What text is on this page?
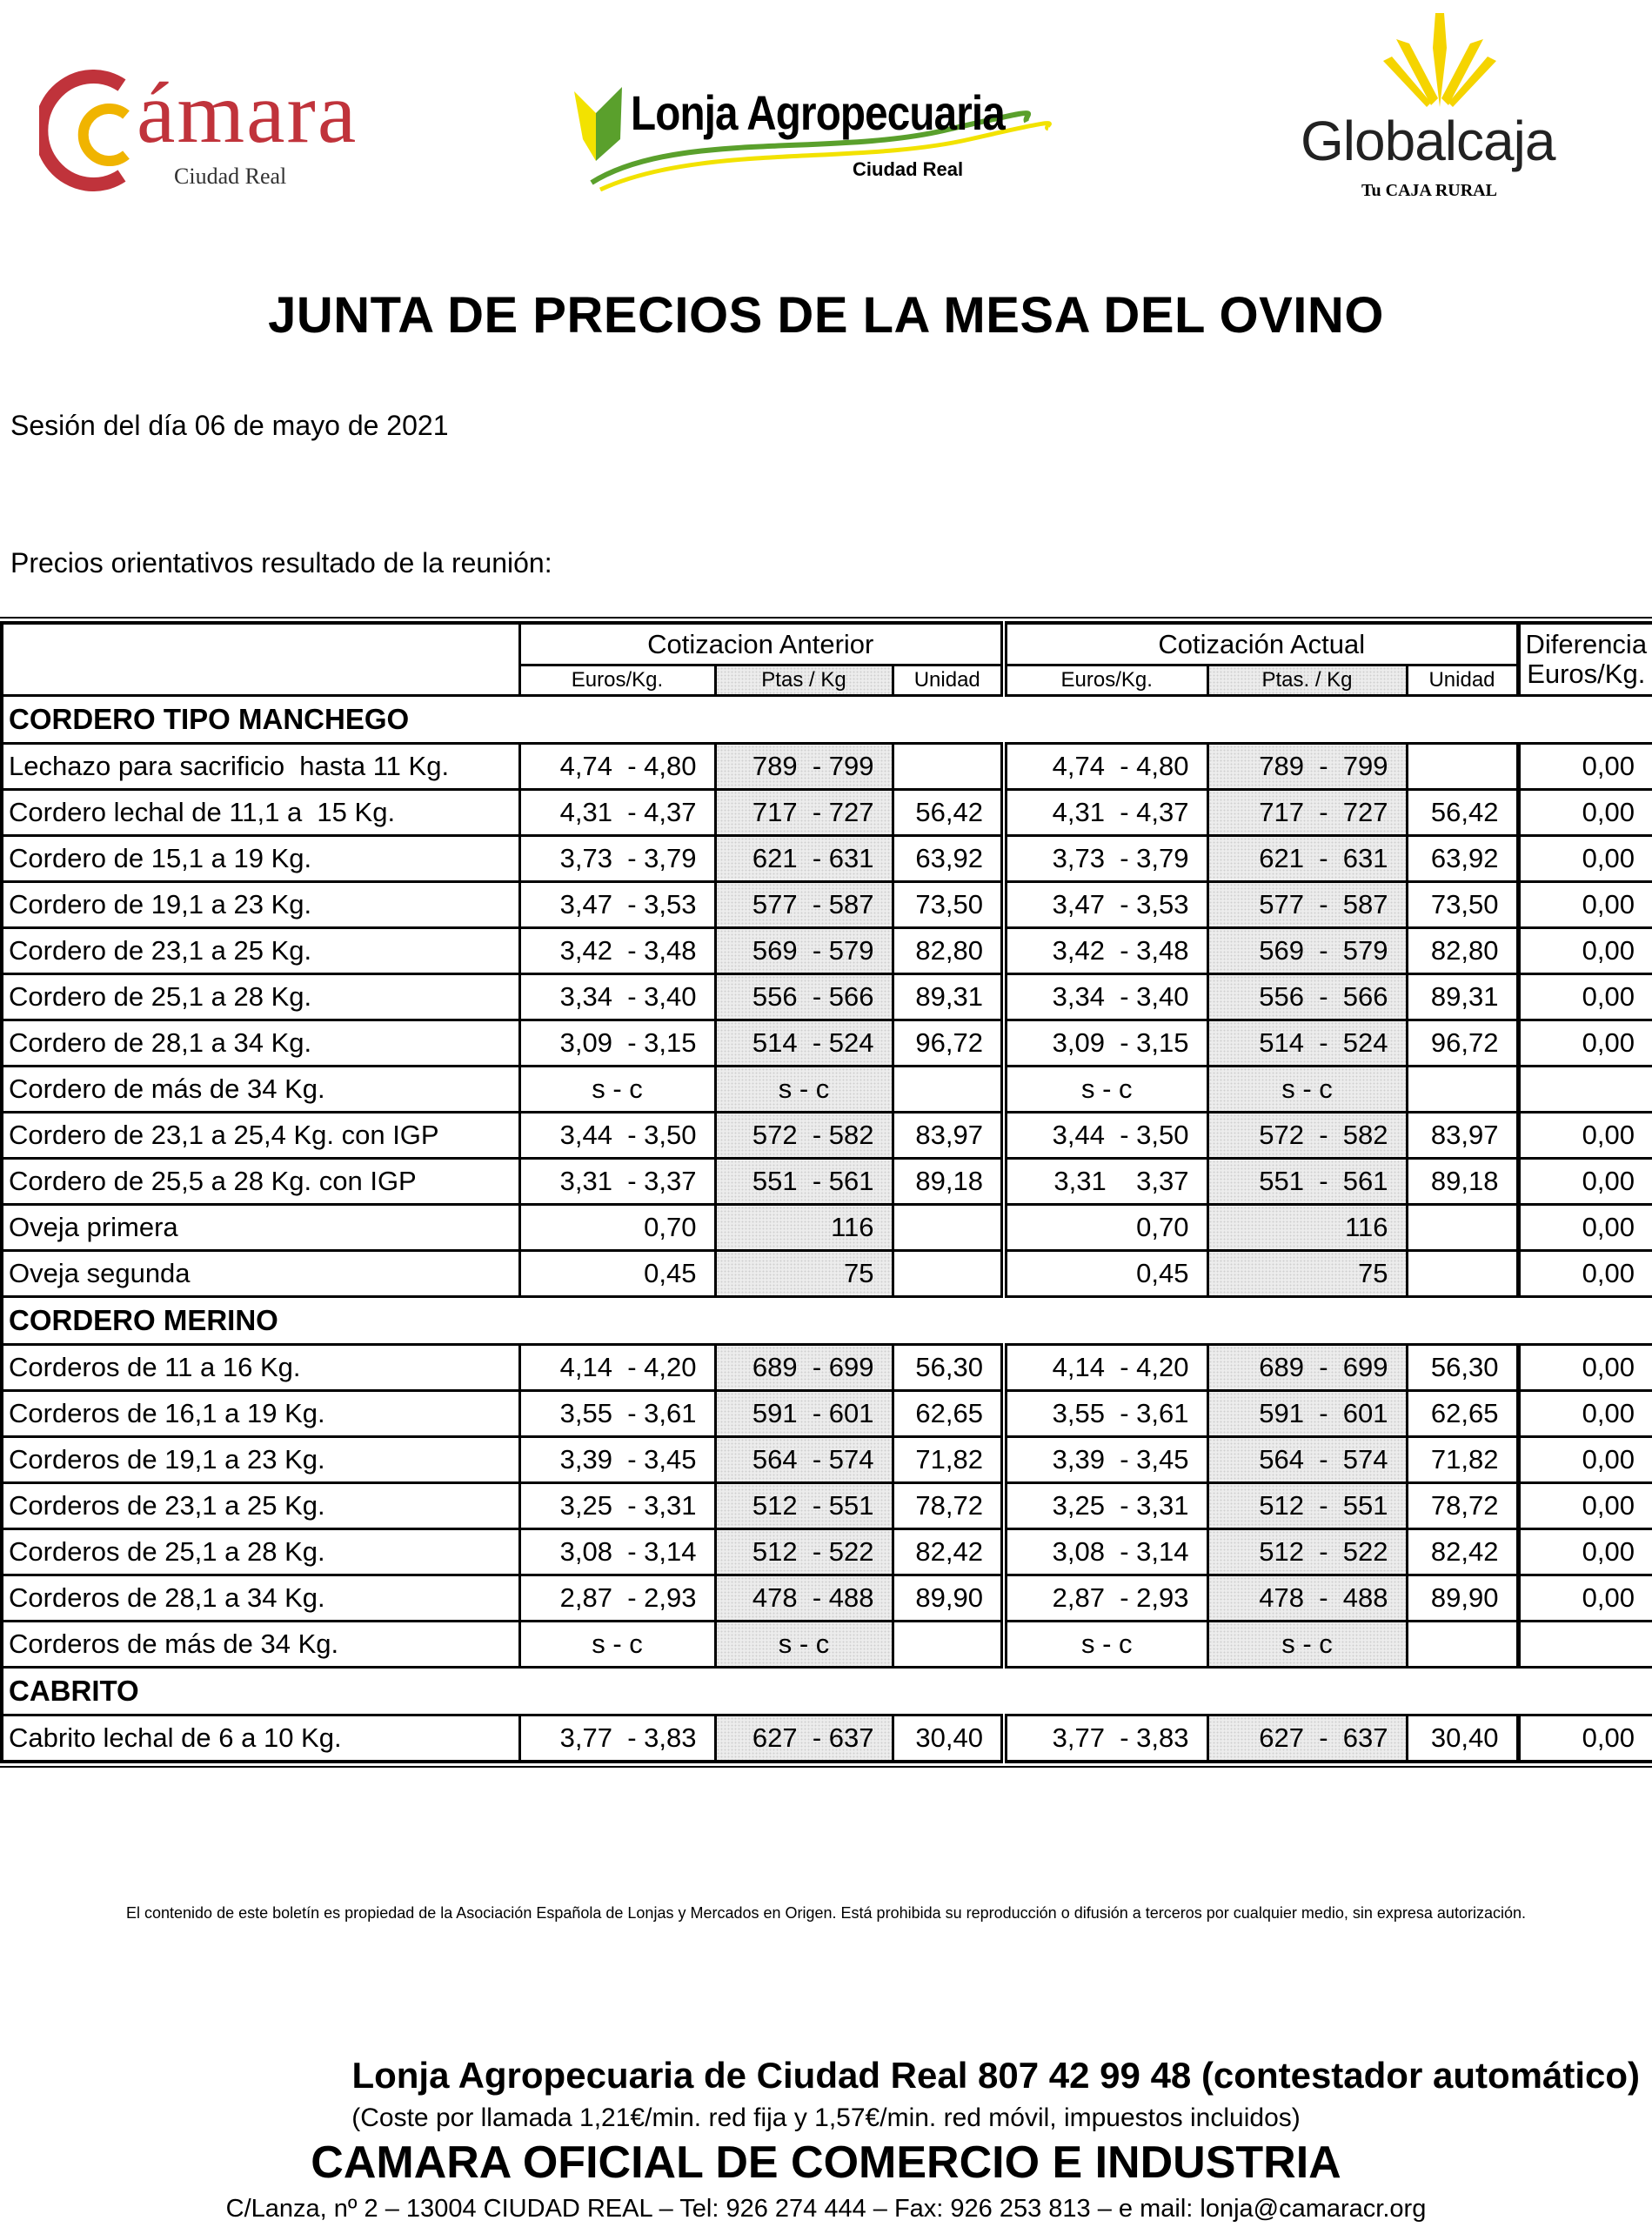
ámara
Ciudad Real
Lonja Agropecuaria
Ciudad Real	Globalcaja
Tu CAJA RURAL
JUNTA DE PRECIOS DE LA MESA DEL OVINO
Sesión del día 06 de mayo de 2021
Precios orientativos resultado de la reunión:
	Cotizacion Anterior			Cotización Actual			Diferencia
Euros/Kg.

	Euros/Kg.	Ptas / Kg	Unidad	Euros/Kg.	Ptas. / Kg	Unidad	
CORDERO TIPO MANCHEGO							
Lechazo para sacrificio  hasta 11 Kg.	4,74  - 4,80	789  - 799		4,74  - 4,80	789  -  799		0,00
Cordero lechal de 11,1 a  15 Kg.	4,31  - 4,37	717  - 727	56,42	4,31  - 4,37	717  -  727	56,42	0,00
Cordero de 15,1 a 19 Kg.	3,73  - 3,79	621  - 631	63,92	3,73  - 3,79	621  -  631	63,92	0,00
Cordero de 19,1 a 23 Kg.	3,47  - 3,53	577  - 587	73,50	3,47  - 3,53	577  -  587	73,50	0,00
Cordero de 23,1 a 25 Kg.	3,42  - 3,48	569  - 579	82,80	3,42  - 3,48	569  -  579	82,80	0,00
Cordero de 25,1 a 28 Kg.	3,34  - 3,40	556  - 566	89,31	3,34  - 3,40	556  -  566	89,31	0,00
Cordero de 28,1 a 34 Kg.	3,09  - 3,15	514  - 524	96,72	3,09  - 3,15	514  -  524	96,72	0,00
Cordero de más de 34 Kg.	s - c	s - c		s - c	s - c		
Cordero de 23,1 a 25,4 Kg. con IGP	3,44  - 3,50	572  - 582	83,97	3,44  - 3,50	572  -  582	83,97	0,00
Cordero de 25,5 a 28 Kg. con IGP	3,31  - 3,37	551  - 561	89,18	3,31    3,37	551  -  561	89,18	0,00
Oveja primera	0,70	116		0,70	116		0,00
Oveja segunda	0,45	75		0,45	75		0,00
CORDERO MERINO							
Corderos de 11 a 16 Kg.	4,14  - 4,20	689  - 699	56,30	4,14  - 4,20	689  -  699	56,30	0,00
Corderos de 16,1 a 19 Kg.	3,55  - 3,61	591  - 601	62,65	3,55  - 3,61	591  -  601	62,65	0,00
Corderos de 19,1 a 23 Kg.	3,39  - 3,45	564  - 574	71,82	3,39  - 3,45	564  -  574	71,82	0,00
Corderos de 23,1 a 25 Kg.	3,25  - 3,31	512  - 551	78,72	3,25  - 3,31	512  -  551	78,72	0,00
Corderos de 25,1 a 28 Kg.	3,08  - 3,14	512  - 522	82,42	3,08  - 3,14	512  -  522	82,42	0,00
Corderos de 28,1 a 34 Kg.	2,87  - 2,93	478  - 488	89,90	2,87  - 2,93	478  -  488	89,90	0,00
Corderos de más de 34 Kg.	s - c	s - c		s - c	s - c		
CABRITO							
Cabrito lechal de 6 a 10 Kg.	3,77  - 3,83	627  - 637	30,40	3,77  - 3,83	627  -  637	30,40	0,00
El contenido de este boletín es propiedad de la Asociación Española de Lonjas y Mercados en Origen. Está prohibida su reproducción o difusión a terceros por cualquier medio, sin expresa autorización.
Lonja Agropecuaria de Ciudad Real 807 42 99 48 (contestador automático)
(Coste por llamada 1,21€/min. red fija y 1,57€/min. red móvil, impuestos incluidos)
CAMARA OFICIAL DE COMERCIO E INDUSTRIA
C/Lanza, nº 2 – 13004 CIUDAD REAL – Tel: 926 274 444 – Fax: 926 253 813 – e mail: lonja@camaracr.org
